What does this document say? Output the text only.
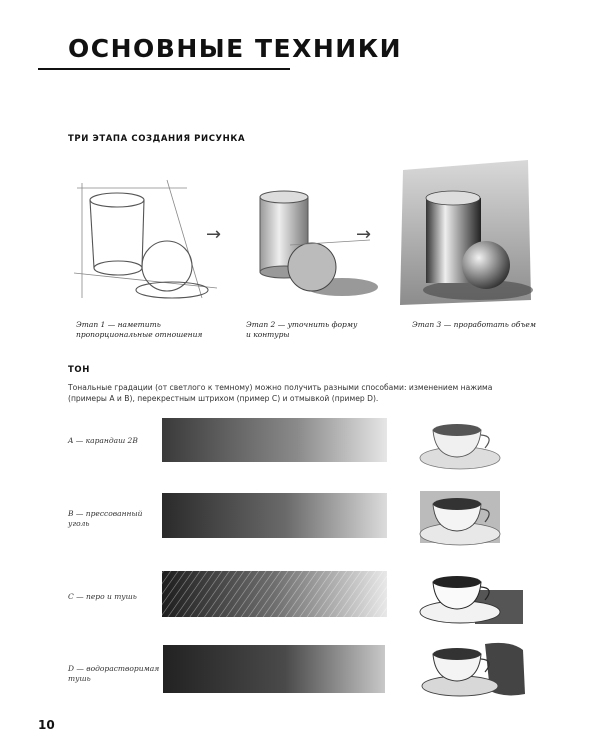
ОСНОВНЫЕ ТЕХНИКИ
ТРИ ЭТАПА СОЗДАНИЯ РИСУНКА
→	→
Этап 1 — наметить
пропорциональные отношения
Этап 2 — уточнить форму
и контуры
Этап 3 — проработать объем
ТОН
Тональные градации (от светлого к темному) можно получить разными способами: изменением нажима
(примеры A и B), перекрестным штрихом (пример C) и отмывкой (пример D).
A — карандаш 2B
B — прессованный
уголь
C — перо и тушь
D — водорастворимая
тушь
10
